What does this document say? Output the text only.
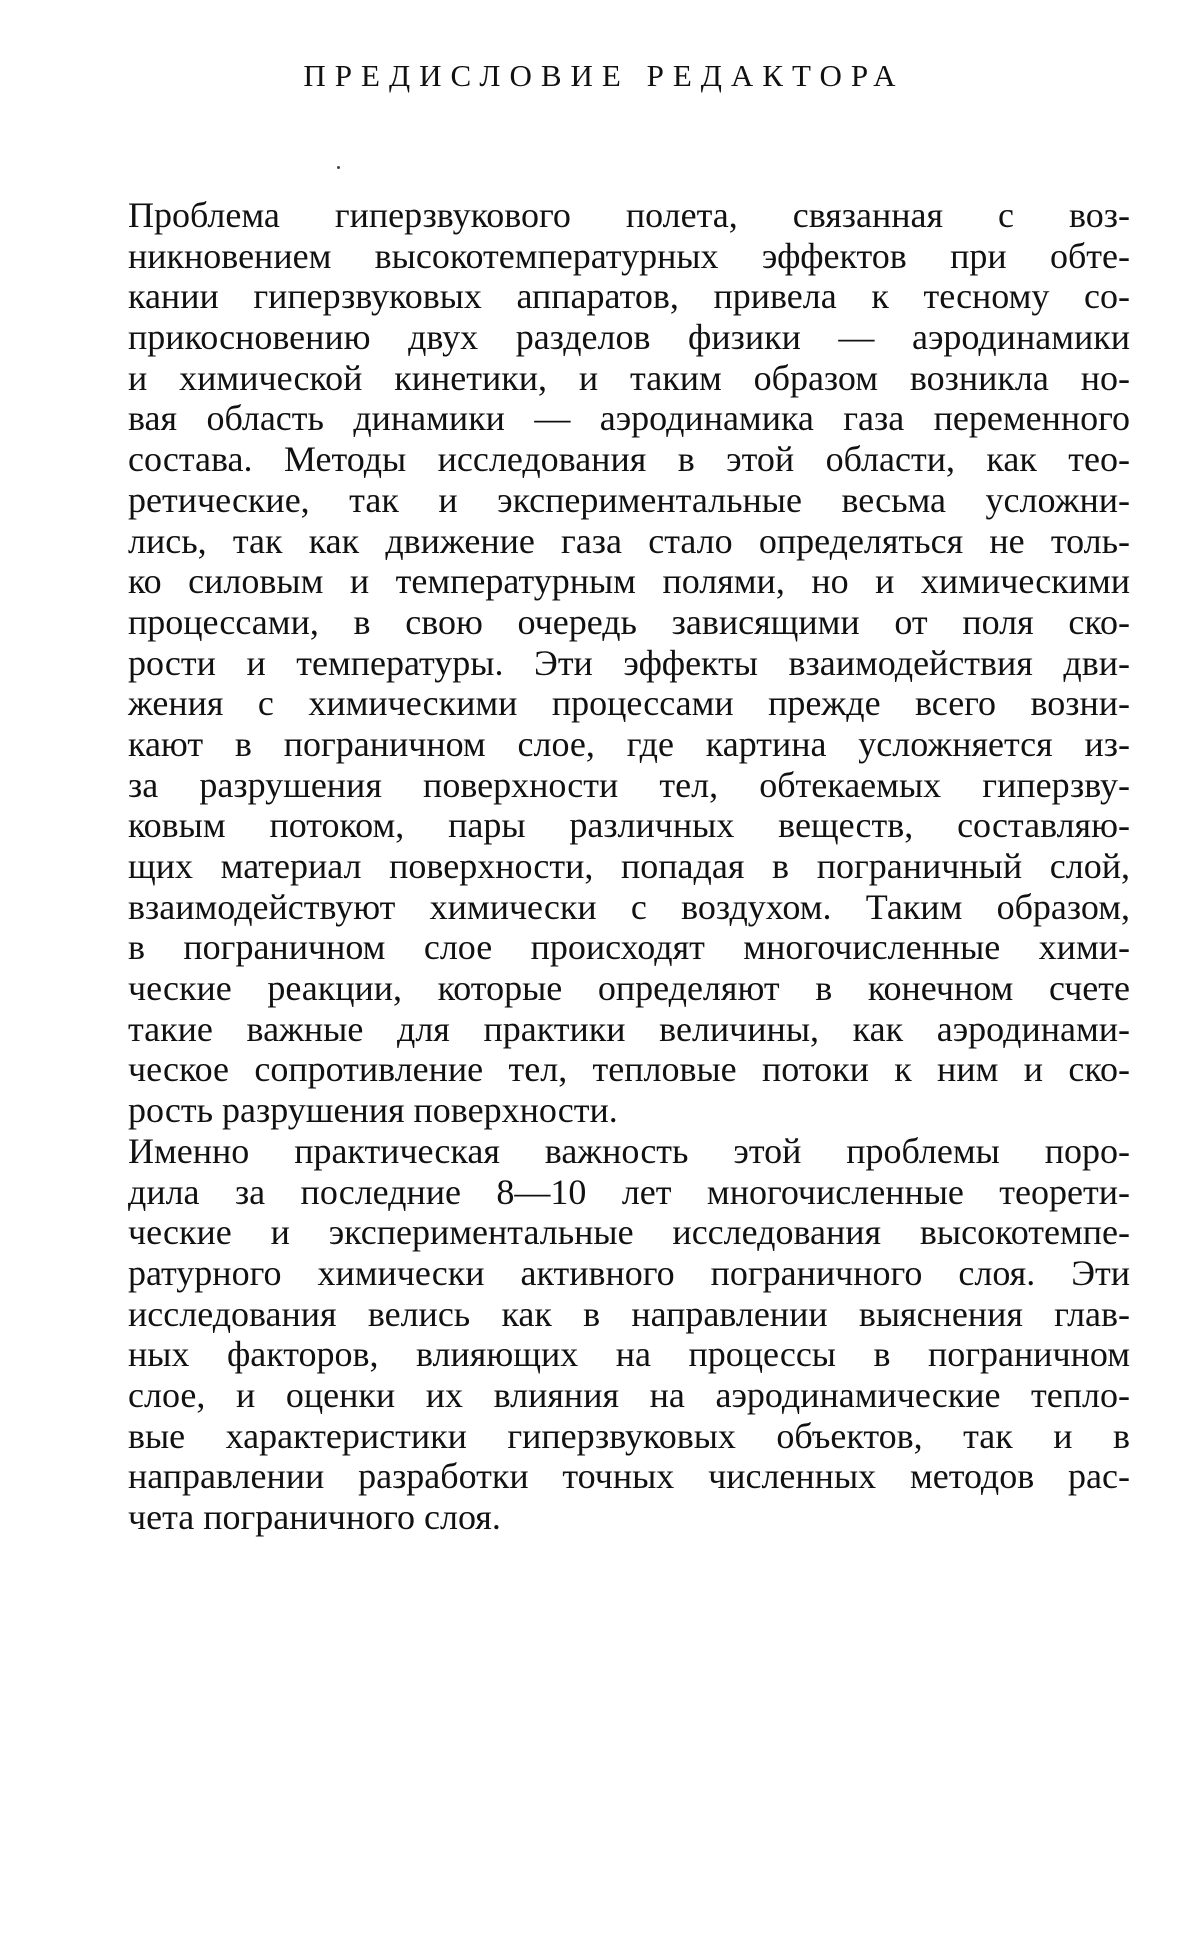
ПРЕДИСЛОВИЕ РЕДАКТОРА
Проблема гиперзвукового полета, связанная с воз-
никновением высокотемпературных эффектов при обте-
кании гиперзвуковых аппаратов, привела к тесному со-
прикосновению двух разделов физики — аэродинамики
и химической кинетики, и таким образом возникла но-
вая область динамики — аэродинамика газа переменного
состава. Методы исследования в этой области, как тео-
ретические, так и экспериментальные весьма усложни-
лись, так как движение газа стало определяться не толь-
ко силовым и температурным полями, но и химическими
процессами, в свою очередь зависящими от поля ско-
рости и температуры. Эти эффекты взаимодействия дви-
жения с химическими процессами прежде всего возни-
кают в пограничном слое, где картина усложняется из-
за разрушения поверхности тел, обтекаемых гиперзву-
ковым потоком, пары различных веществ, составляю-
щих материал поверхности, попадая в пограничный слой,
взаимодействуют химически с воздухом. Таким образом,
в пограничном слое происходят многочисленные хими-
ческие реакции, которые определяют в конечном счете
такие важные для практики величины, как аэродинами-
ческое сопротивление тел, тепловые потоки к ним и ско-
рость разрушения поверхности.
Именно практическая важность этой проблемы поро-
дила за последние 8—10 лет многочисленные теорети-
ческие и экспериментальные исследования высокотемпе-
ратурного химически активного пограничного слоя. Эти
исследования велись как в направлении выяснения глав-
ных факторов, влияющих на процессы в пограничном
слое, и оценки их влияния на аэродинамические тепло-
вые характеристики гиперзвуковых объектов, так и в
направлении разработки точных численных методов рас-
чета пограничного слоя.
